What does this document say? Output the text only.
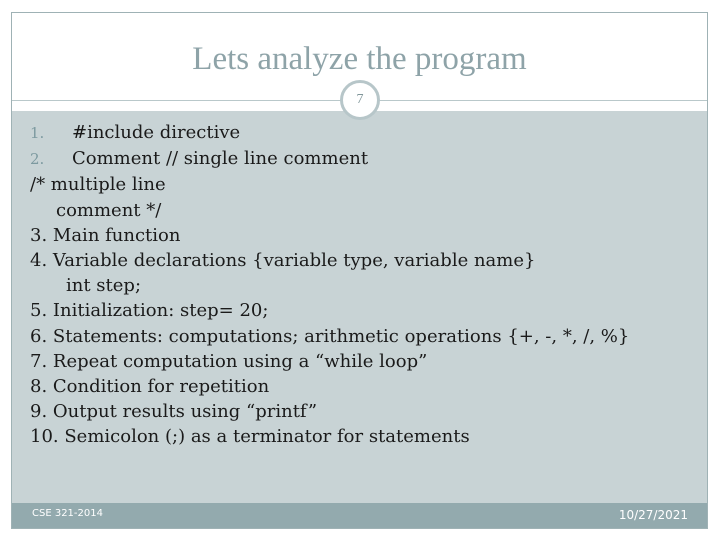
Lets analyze the program
7
1. #include directive
2. Comment // single line comment
/* multiple line
comment */
3. Main function
4. Variable declarations {variable type, variable name}
int step;
5. Initialization: step= 20;
6. Statements: computations; arithmetic operations {+, -, *, /, %}
7. Repeat computation using a “while loop”
8. Condition for repetition
9. Output results using “printf”
10. Semicolon (;) as a terminator for statements
CSE 321-2014	10/27/2021
